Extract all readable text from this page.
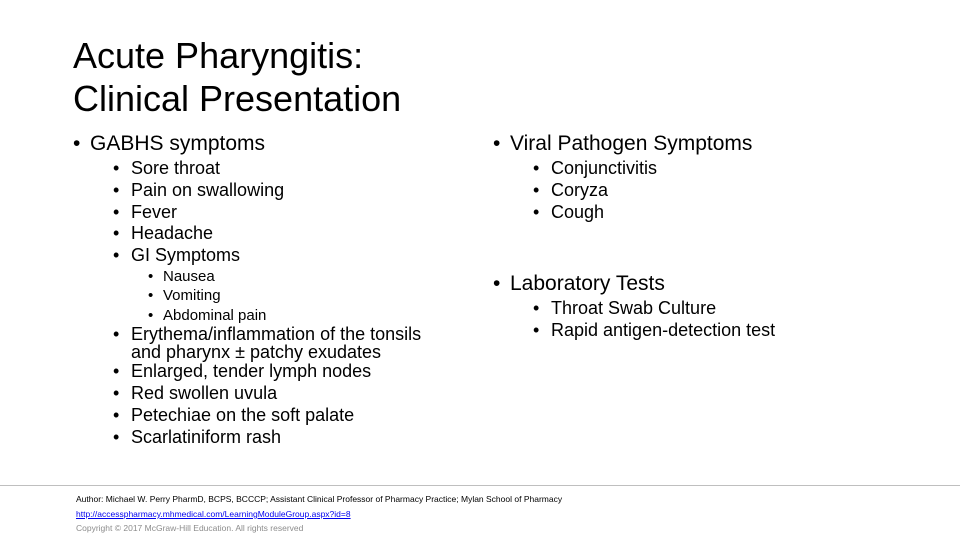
Acute Pharyngitis:
Clinical Presentation
• GABHS symptoms
• Sore throat
• Pain on swallowing
• Fever
• Headache
• GI Symptoms
• Nausea
• Vomiting
• Abdominal pain
• Erythema/inflammation of the tonsils and pharynx ± patchy exudates
• Enlarged, tender lymph nodes
• Red swollen uvula
• Petechiae on the soft palate
• Scarlatiniform rash
• Viral Pathogen Symptoms
• Conjunctivitis
• Coryza
• Cough
• Laboratory Tests
• Throat Swab Culture
• Rapid antigen-detection test
Author: Michael W. Perry PharmD, BCPS, BCCCP; Assistant Clinical Professor of Pharmacy Practice; Mylan School of Pharmacy
http://accesspharmacy.mhmedical.com/LearningModuleGroup.aspx?id=8
Copyright © 2017 McGraw-Hill Education. All rights reserved
